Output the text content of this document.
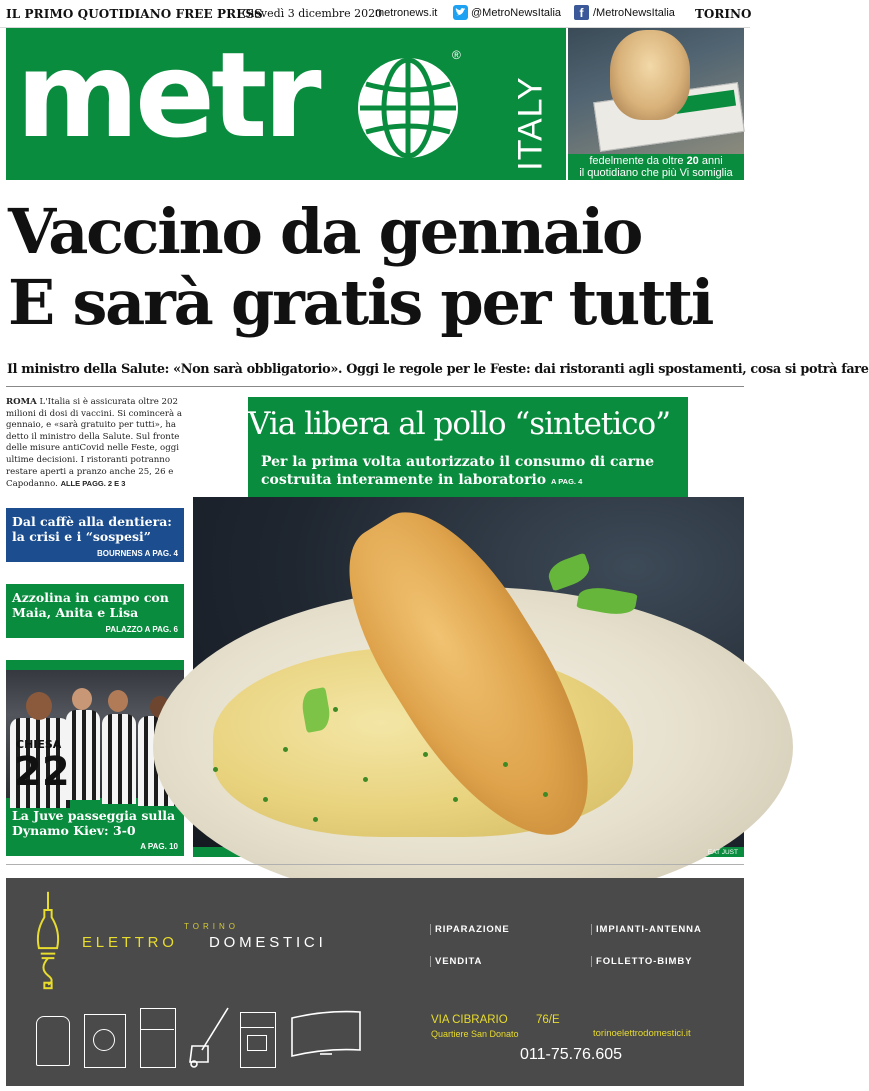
IL PRIMO QUOTIDIANO FREE PRESS
Giovedì 3 dicembre 2020
metronews.it	@MetroNewsItalia	f /MetroNewsItalia TORINO
metr	®
ITALY	fedelmente da oltre 20 anni
il quotidiano che più Vi somiglia
Vaccino da gennaio
E sarà gratis per tutti
Il ministro della Salute: «Non sarà obbligatorio». Oggi le regole per le Feste: dai ristoranti agli spostamenti, cosa si potrà fare
ROMA L'Italia si è assicurata oltre 202 milioni di dosi di vaccini. Si comincerà a gennaio, e «sarà gratuito per tutti», ha detto il ministro della Salute. Sul fronte delle misure antiCovid nelle Feste, oggi ultime decisioni. I ristoranti potranno restare aperti a pranzo anche 25, 26 e Capodanno. ALLE PAGG. 2 E 3
Dal caffè alla dentiera: la crisi e i “sospesi”
BOURNENS A PAG. 4
Azzolina in campo con Maia, Anita e Lisa
PALAZZO A PAG. 6
CHIESA
22
La Juve passeggia sulla Dynamo Kiev: 3-0
A PAG. 10
Via libera al pollo “sintetico”
Per la prima volta autorizzato il consumo di carne costruita interamente in laboratorio A PAG. 4
EAT JUST
TORINO
ELETTRO DOMESTICI
RIPARAZIONE	IMPIANTI-ANTENNA
VENDITA	FOLLETTO-BIMBY
VIA CIBRARIO 76/E
Quartiere San Donato	torinoelettrodomestici.it
011-75.76.605
